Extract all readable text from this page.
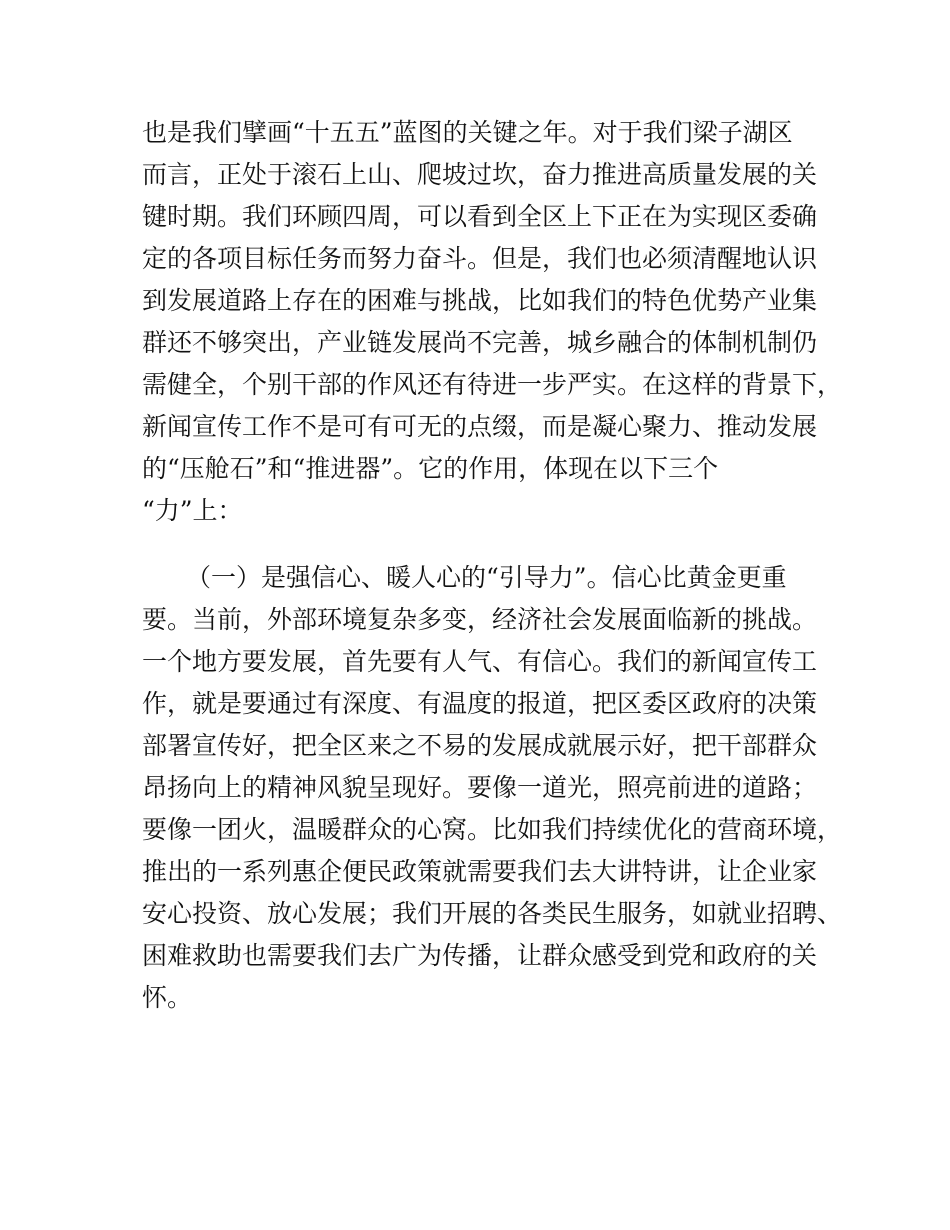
也是我们擘画“十五五”蓝图的关键之年。对于我们梁子湖区
而言，正处于滚石上山、爬坡过坎，奋力推进高质量发展的关
键时期。我们环顾四周，可以看到全区上下正在为实现区委确
定的各项目标任务而努力奋斗。但是，我们也必须清醒地认识
到发展道路上存在的困难与挑战，比如我们的特色优势产业集
群还不够突出，产业链发展尚不完善，城乡融合的体制机制仍
需健全，个别干部的作风还有待进一步严实。在这样的背景下，
新闻宣传工作不是可有可无的点缀，而是凝心聚力、推动发展
的“压舱石”和“推进器”。它的作用，体现在以下三个
“力”上：
（一）是强信心、暖人心的“引导力”。信心比黄金更重
要。当前，外部环境复杂多变，经济社会发展面临新的挑战。
一个地方要发展，首先要有人气、有信心。我们的新闻宣传工
作，就是要通过有深度、有温度的报道，把区委区政府的决策
部署宣传好，把全区来之不易的发展成就展示好，把干部群众
昂扬向上的精神风貌呈现好。要像一道光，照亮前进的道路；
要像一团火，温暖群众的心窝。比如我们持续优化的营商环境，
推出的一系列惠企便民政策就需要我们去大讲特讲，让企业家
安心投资、放心发展；我们开展的各类民生服务，如就业招聘、
困难救助也需要我们去广为传播，让群众感受到党和政府的关
怀。
